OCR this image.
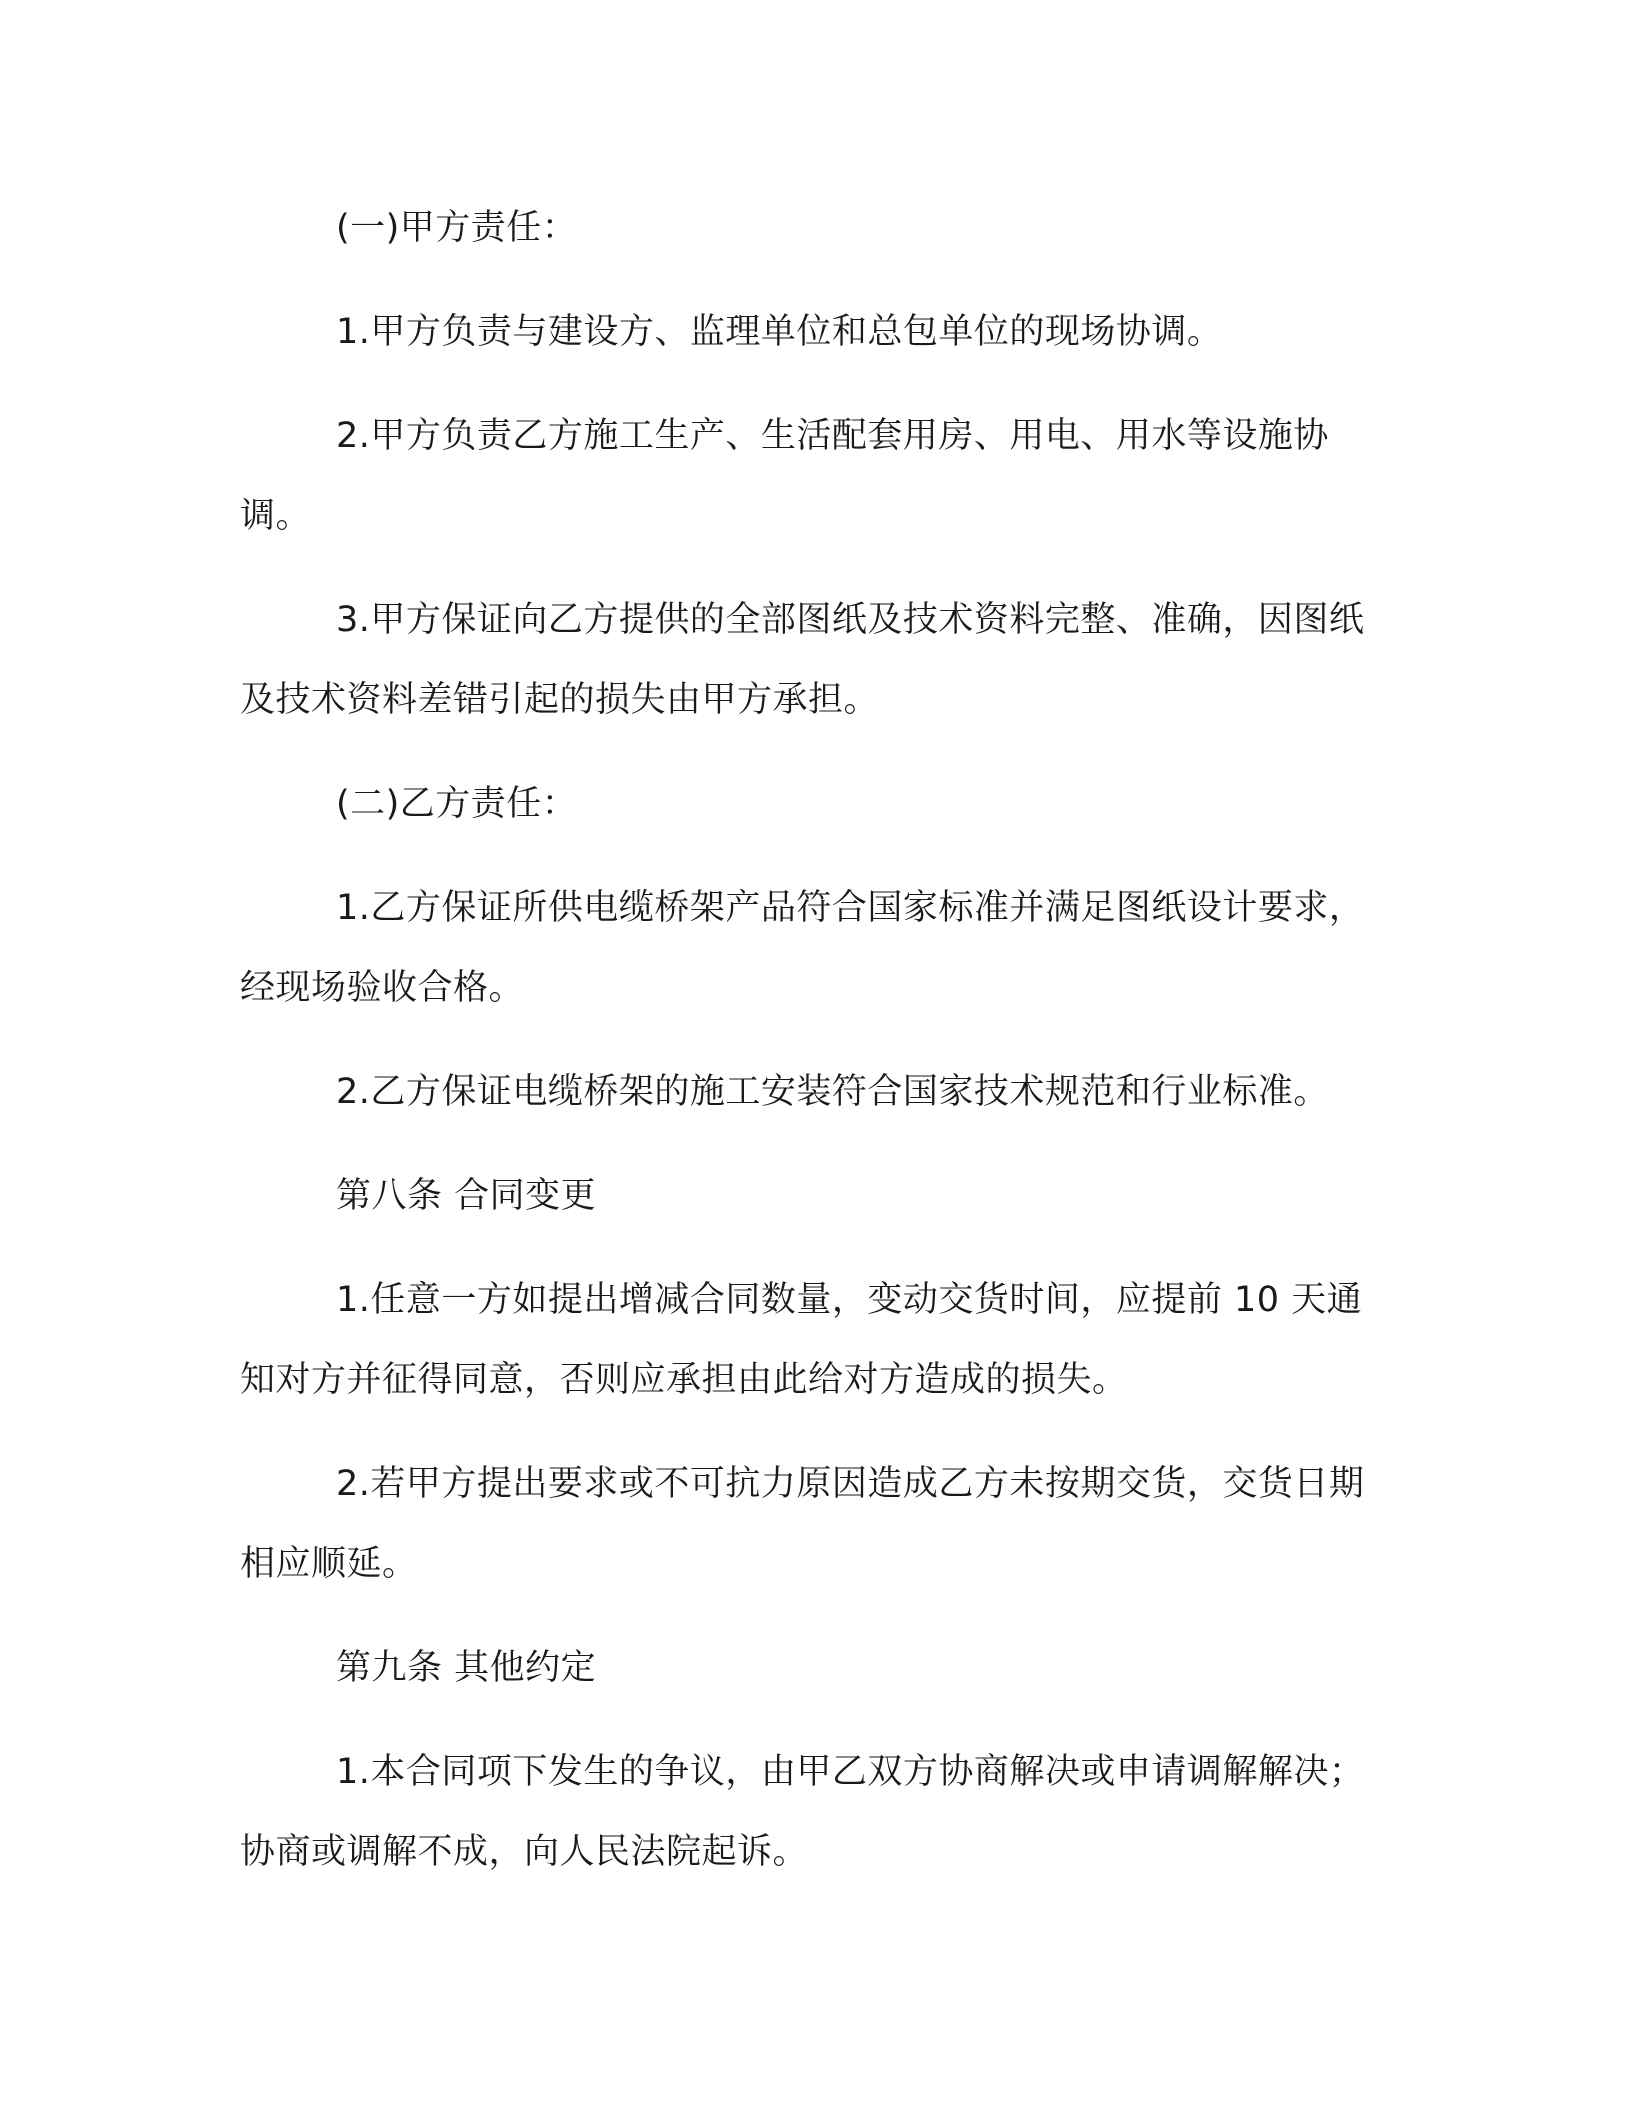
(一)甲方责任：

1.甲方负责与建设方、监理单位和总包单位的现场协调。

2.甲方负责乙方施工生产、生活配套用房、用电、用水等设施协调。

3.甲方保证向乙方提供的全部图纸及技术资料完整、准确，因图纸及技术资料差错引起的损失由甲方承担。

(二)乙方责任：

1.乙方保证所供电缆桥架产品符合国家标准并满足图纸设计要求，经现场验收合格。

2.乙方保证电缆桥架的施工安装符合国家技术规范和行业标准。

第八条 合同变更

1.任意一方如提出增减合同数量，变动交货时间，应提前 10 天通知对方并征得同意，否则应承担由此给对方造成的损失。

2.若甲方提出要求或不可抗力原因造成乙方未按期交货，交货日期相应顺延。

第九条 其他约定

1.本合同项下发生的争议，由甲乙双方协商解决或申请调解解决；协商或调解不成，向人民法院起诉。
